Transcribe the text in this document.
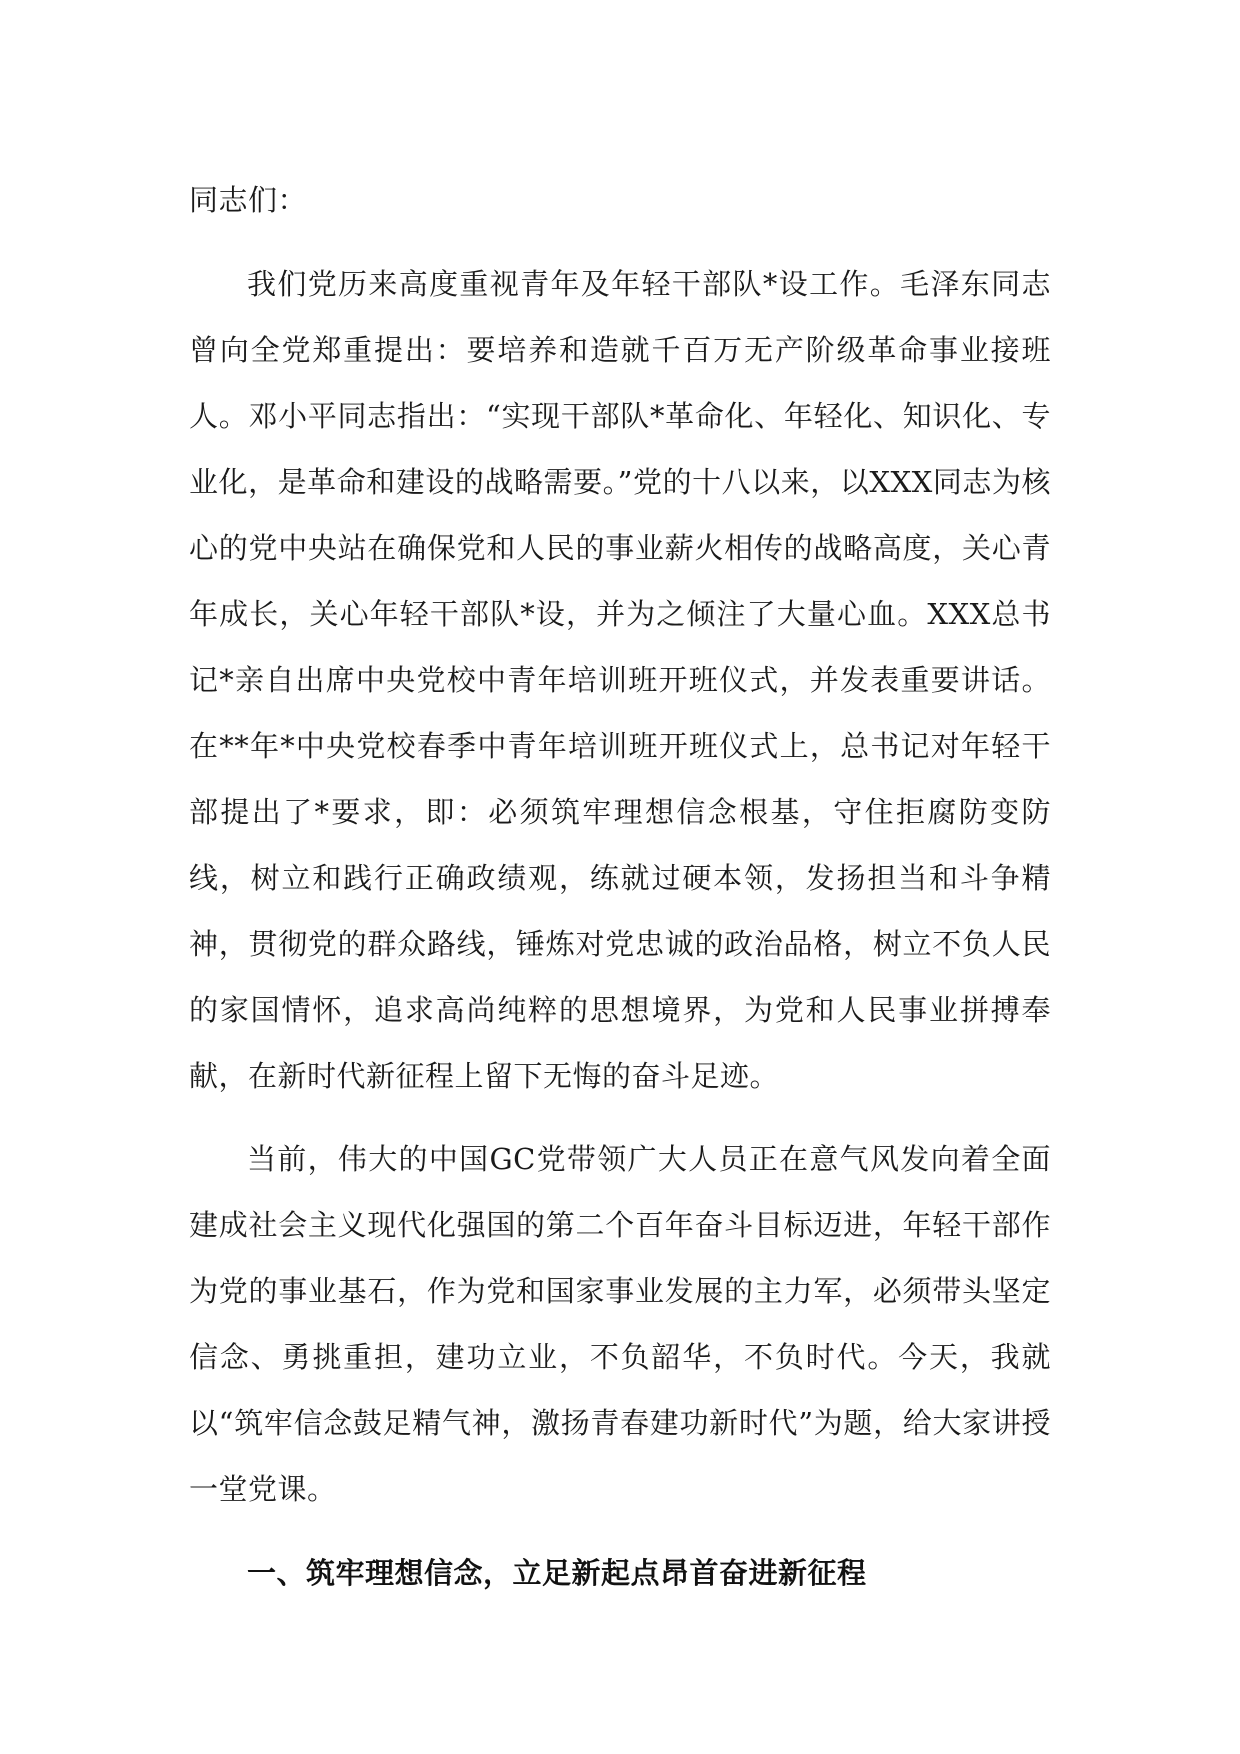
同志们：

我们党历来高度重视青年及年轻干部队*设工作。毛泽东同志曾向全党郑重提出：要培养和造就千百万无产阶级革命事业接班人。邓小平同志指出：“实现干部队*革命化、年轻化、知识化、专业化，是革命和建设的战略需要。”党的十八以来，以XXX同志为核心的党中央站在确保党和人民的事业薪火相传的战略高度，关心青年成长，关心年轻干部队*设，并为之倾注了大量心血。XXX总书记*亲自出席中央党校中青年培训班开班仪式，并发表重要讲话。在**年*中央党校春季中青年培训班开班仪式上，总书记对年轻干部提出了*要求，即：必须筑牢理想信念根基，守住拒腐防变防线，树立和践行正确政绩观，练就过硬本领，发扬担当和斗争精神，贯彻党的群众路线，锤炼对党忠诚的政治品格，树立不负人民的家国情怀，追求高尚纯粹的思想境界，为党和人民事业拼搏奉献，在新时代新征程上留下无悔的奋斗足迹。

当前，伟大的中国GC党带领广大人员正在意气风发向着全面建成社会主义现代化强国的第二个百年奋斗目标迈进，年轻干部作为党的事业基石，作为党和国家事业发展的主力军，必须带头坚定信念、勇挑重担，建功立业，不负韶华，不负时代。今天，我就以“筑牢信念鼓足精气神，激扬青春建功新时代”为题，给大家讲授一堂党课。

一、筑牢理想信念，立足新起点昂首奋进新征程
